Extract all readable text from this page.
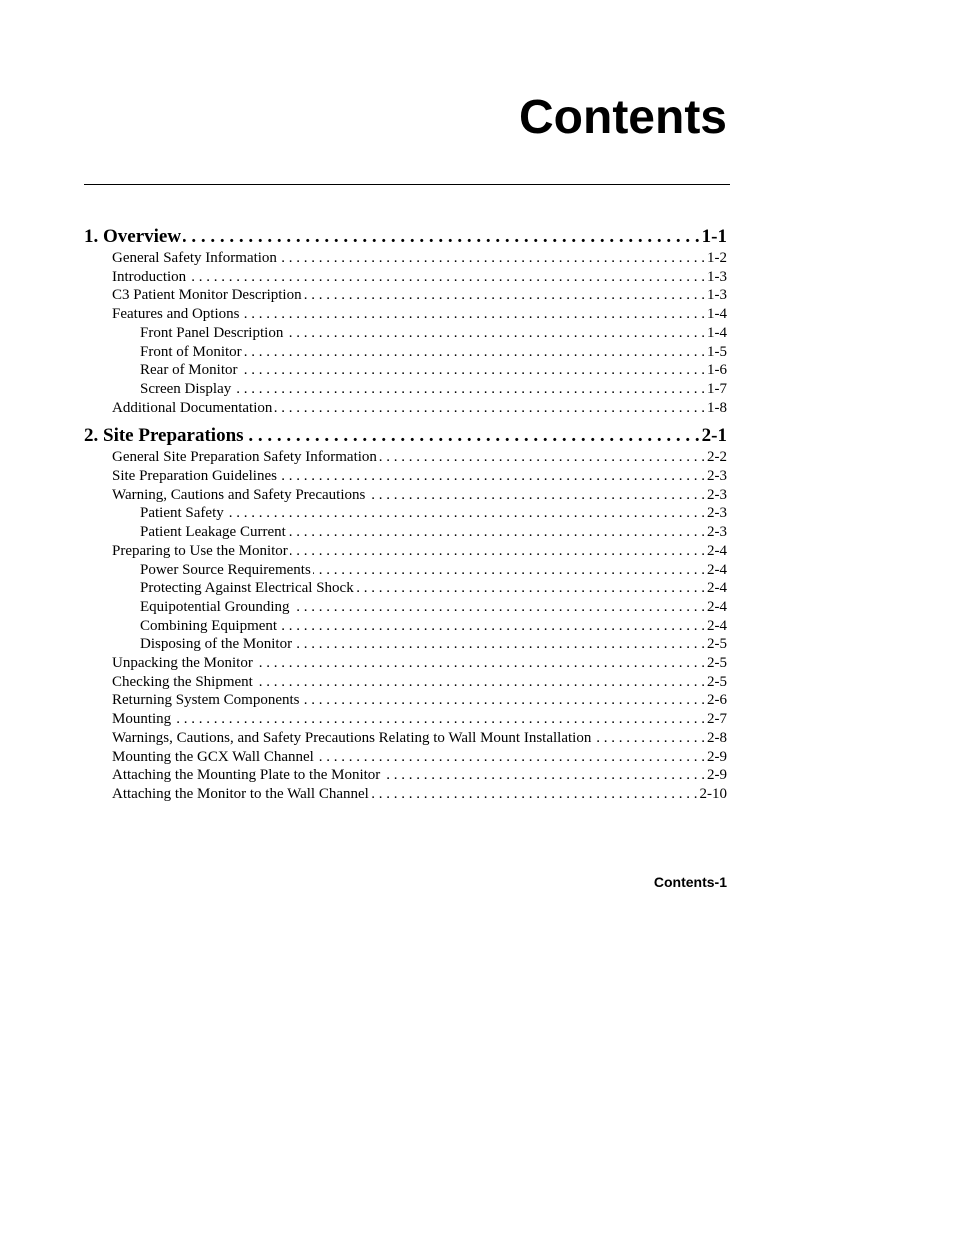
Contents
1. Overview . . .	1-1
General Safety Information . . .	1-2
Introduction . . .	1-3
C3 Patient Monitor Description . . .	1-3
Features and Options . . .	1-4
Front Panel Description . . .	1-4
Front of Monitor . . .	1-5
Rear of Monitor . . .	1-6
Screen Display . . .	1-7
Additional Documentation . . .	1-8
2. Site Preparations . . .	2-1
General Site Preparation Safety Information . . .	2-2
Site Preparation Guidelines . . .	2-3
Warning, Cautions and Safety Precautions . . .	2-3
Patient Safety . . .	2-3
Patient Leakage Current . . .	2-3
Preparing to Use the Monitor . . .	2-4
Power Source Requirements . . .	2-4
Protecting Against Electrical Shock . . .	2-4
Equipotential Grounding . . .	2-4
Combining Equipment . . .	2-4
Disposing of the Monitor . . .	2-5
Unpacking the Monitor . . .	2-5
Checking the Shipment . . .	2-5
Returning System Components . . .	2-6
Mounting . . .	2-7
Warnings, Cautions, and Safety Precautions Relating to Wall Mount Installation . . .	2-8
Mounting the GCX Wall Channel . . .	2-9
Attaching the Mounting Plate to the Monitor . . .	2-9
Attaching the Monitor to the Wall Channel . . .	2-10
Contents-1
